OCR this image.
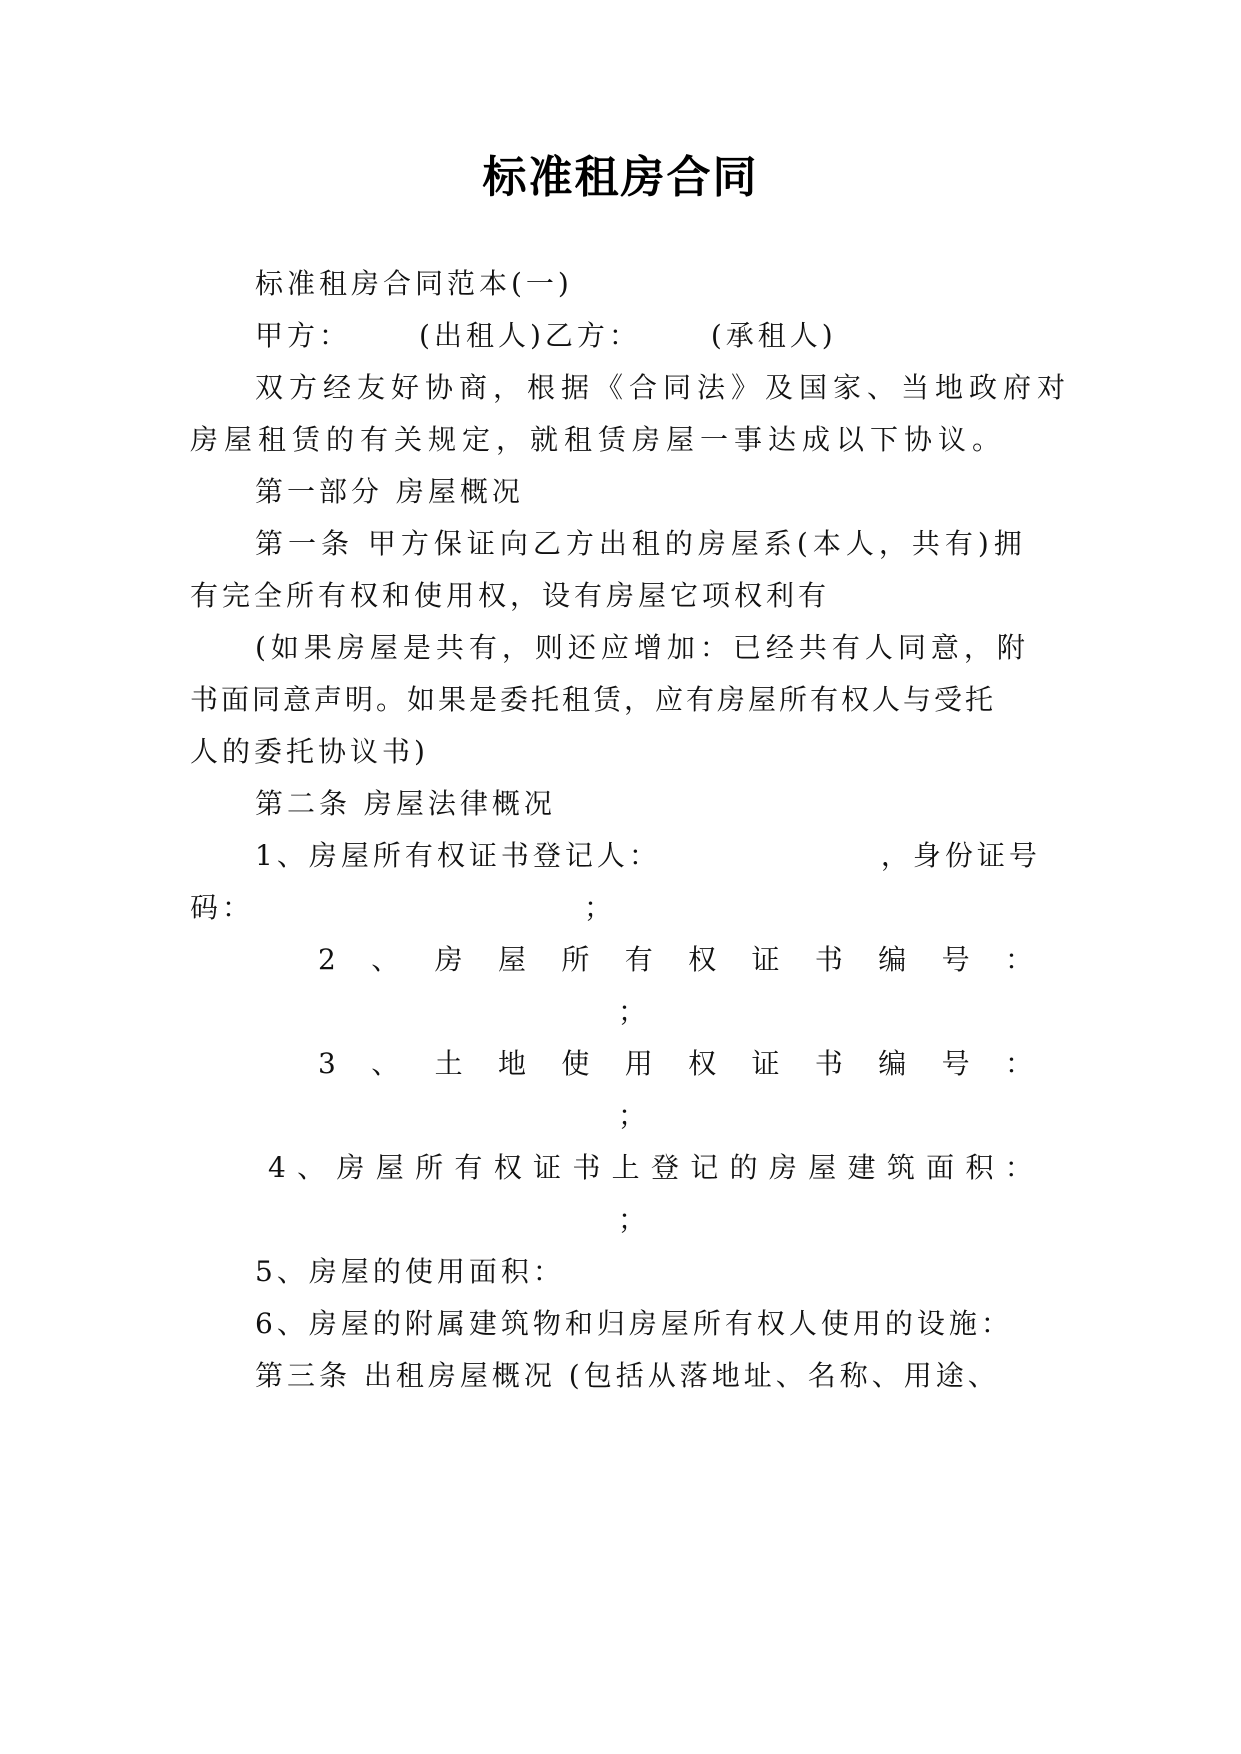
标准租房合同
标准租房合同范本(一)
甲方： (出租人)乙方：	(承租人)
双方经友好协商，根据《合同法》及国家、当地政府对
房屋租赁的有关规定，就租赁房屋一事达成以下协议。
第一部分 房屋概况
第一条 甲方保证向乙方出租的房屋系(本人，共有)拥
有完全所有权和使用权，设有房屋它项权利有
(如果房屋是共有，则还应增加：已经共有人同意，附
书面同意声明。如果是委托租赁，应有房屋所有权人与受托
人的委托协议书)
第二条 房屋法律概况
1、房屋所有权证书登记人：	，身份证号
码：	；
2 、 房 屋 所 有 权 证 书 编 号 ：
；
3 、 土 地 使 用 权 证 书 编 号 ：
；
4 、 房 屋 所 有 权 证 书 上 登 记 的 房 屋 建 筑 面 积 ：
；
5、房屋的使用面积：
6、房屋的附属建筑物和归房屋所有权人使用的设施：
第三条 出租房屋概况 (包括从落地址、名称、用途、
